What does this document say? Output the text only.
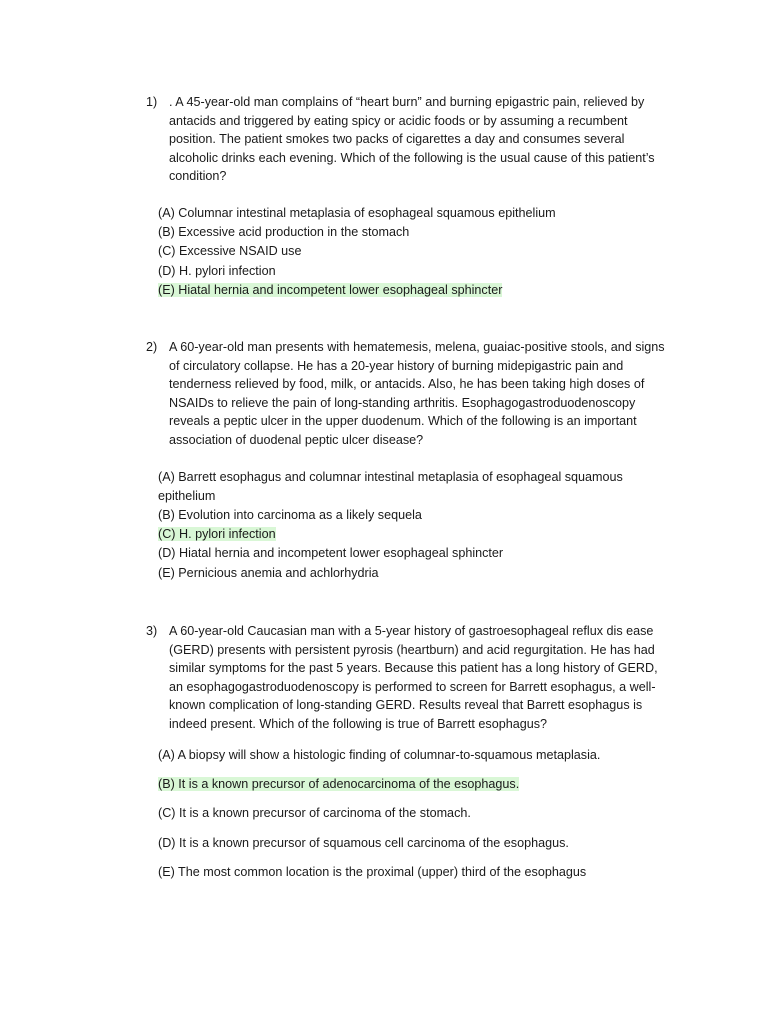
1) . A 45-year-old man complains of “heart burn” and burning epigastric pain, relieved by antacids and triggered by eating spicy or acidic foods or by assuming a recumbent position. The patient smokes two packs of cigarettes a day and consumes several alcoholic drinks each evening. Which of the following is the usual cause of this patient’s condition?

(A) Columnar intestinal metaplasia of esophageal squamous epithelium
(B) Excessive acid production in the stomach
(C) Excessive NSAID use
(D) H. pylori infection
(E) Hiatal hernia and incompetent lower esophageal sphincter
2) A 60-year-old man presents with hematemesis, melena, guaiac-positive stools, and signs of circulatory collapse. He has a 20-year history of burning midepigastric pain and tenderness relieved by food, milk, or antacids. Also, he has been taking high doses of NSAIDs to relieve the pain of long-standing arthritis. Esophagogastroduodenoscopy reveals a peptic ulcer in the upper duodenum. Which of the following is an important association of duodenal peptic ulcer disease?

(A) Barrett esophagus and columnar intestinal metaplasia of esophageal squamous epithelium
(B) Evolution into carcinoma as a likely sequela
(C) H. pylori infection
(D) Hiatal hernia and incompetent lower esophageal sphincter
(E) Pernicious anemia and achlorhydria
3) A 60-year-old Caucasian man with a 5-year history of gastroesophageal reflux dis ease (GERD) presents with persistent pyrosis (heartburn) and acid regurgitation. He has had similar symptoms for the past 5 years. Because this patient has a long history of GERD, an esophagogastroduodenoscopy is performed to screen for Barrett esophagus, a well-known complication of long-standing GERD. Results reveal that Barrett esophagus is indeed present. Which of the following is true of Barrett esophagus?

(A) A biopsy will show a histologic finding of columnar-to-squamous metaplasia.
(B) It is a known precursor of adenocarcinoma of the esophagus.
(C) It is a known precursor of carcinoma of the stomach.
(D) It is a known precursor of squamous cell carcinoma of the esophagus.
(E) The most common location is the proximal (upper) third of the esophagus
